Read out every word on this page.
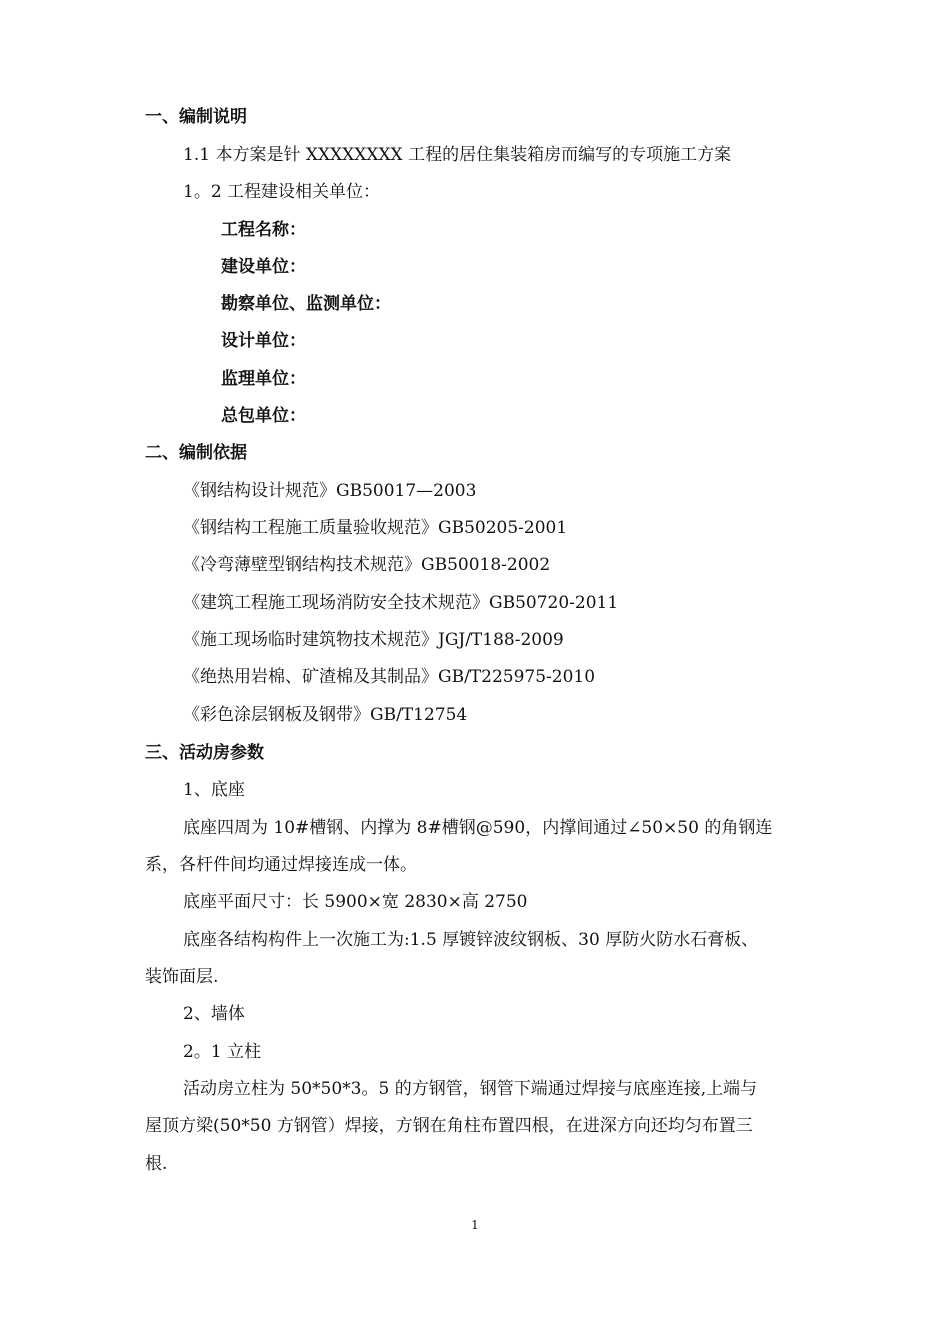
一、编制说明
1.1 本方案是针 XXXXXXXX 工程的居住集装箱房而编写的专项施工方案
1。2 工程建设相关单位：
工程名称：
建设单位：
勘察单位、监测单位：
设计单位：
监理单位：
总包单位：
二、编制依据
《钢结构设计规范》GB50017—2003
《钢结构工程施工质量验收规范》GB50205-2001
《冷弯薄壁型钢结构技术规范》GB50018-2002
《建筑工程施工现场消防安全技术规范》GB50720-2011
《施工现场临时建筑物技术规范》JGJ/T188-2009
《绝热用岩棉、矿渣棉及其制品》GB/T225975-2010
《彩色涂层钢板及钢带》GB/T12754
三、活动房参数
1、底座
底座四周为 10#槽钢、内撑为 8#槽钢@590，内撑间通过∠50×50 的角钢连
系，各杆件间均通过焊接连成一体。
底座平面尺寸：长 5900×宽 2830×高 2750
底座各结构构件上一次施工为:1.5 厚镀锌波纹钢板、30 厚防火防水石膏板、
装饰面层.
2、墙体
2。1 立柱
活动房立柱为 50*50*3。5 的方钢管，钢管下端通过焊接与底座连接,上端与
屋顶方梁(50*50 方钢管）焊接，方钢在角柱布置四根，在进深方向还均匀布置三
根.
1
